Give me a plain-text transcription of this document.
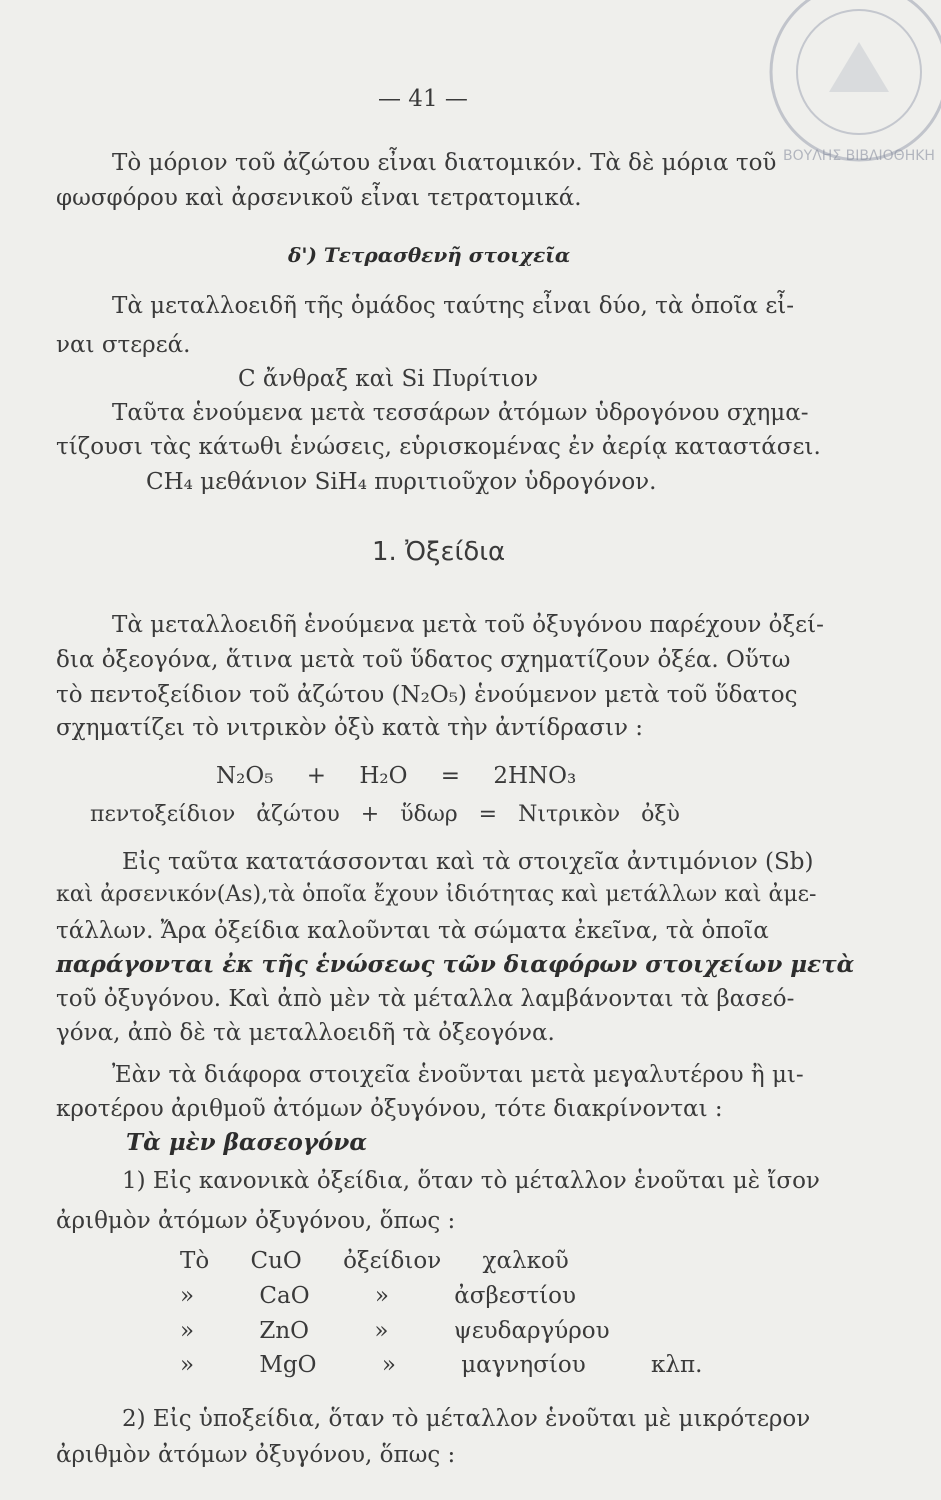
ΒΟΥΛΗΣ ΒΙΒΛΙΟΘΗΚΗ
— 41 —
Τὸ μόριον τοῦ ἀζώτου εἶναι διατομικόν. Τὰ δὲ μόρια τοῦ
φωσφόρου καὶ ἀρσενικοῦ εἶναι τετρατομικά.
δ') Τετρασθενῆ στοιχεῖα
Τὰ μεταλλοειδῆ τῆς ὁμάδος ταύτης εἶναι δύο, τὰ ὁποῖα εἶ-
ναι στερεά.
C ἄνθραξ καὶ Si Πυρίτιον
Ταῦτα ἑνούμενα μετὰ τεσσάρων ἀτόμων ὑδρογόνου σχημα-
τίζουσι τὰς κάτωθι ἑνώσεις, εὑρισκομένας ἐν ἀερίᾳ καταστάσει.
CH₄ μεθάνιον SiH₄ πυριτιοῦχον ὑδρογόνον.
1. Ὀξείδια
Τὰ μεταλλοειδῆ ἑνούμενα μετὰ τοῦ ὀξυγόνου παρέχουν ὀξεί-
δια ὀξεογόνα, ἅτινα μετὰ τοῦ ὕδατος σχηματίζουν ὀξέα. Οὕτω
τὸ πεντοξείδιον τοῦ ἀζώτου (N₂O₅) ἑνούμενον μετὰ τοῦ ὕδατος
σχηματίζει τὸ νιτρικὸν ὀξὺ κατὰ τὴν ἀντίδρασιν :
N₂O₅ + H₂O = 2HNO₃
πεντοξείδιον ἀζώτου + ὕδωρ = Νιτρικὸν ὀξὺ
Εἰς ταῦτα κατατάσσονται καὶ τὰ στοιχεῖα ἀντιμόνιον (Sb)
καὶ ἀρσενικόν(As),τὰ ὁποῖα ἔχουν ἰδιότητας καὶ μετάλλων καὶ ἀμε-
τάλλων. Ἄρα ὀξείδια καλοῦνται τὰ σώματα ἐκεῖνα, τὰ ὁποῖα
παράγονται ἐκ τῆς ἑνώσεως τῶν διαφόρων στοιχείων μετὰ
τοῦ ὀξυγόνου. Καὶ ἀπὸ μὲν τὰ μέταλλα λαμβάνονται τὰ βασεό-
γόνα, ἀπὸ δὲ τὰ μεταλλοειδῆ τὰ ὀξεογόνα.
Ἐὰν τὰ διάφορα στοιχεῖα ἑνοῦνται μετὰ μεγαλυτέρου ἢ μι-
κροτέρου ἀριθμοῦ ἀτόμων ὀξυγόνου, τότε διακρίνονται :
Τὰ μὲν βασεογόνα
1) Εἰς κανονικὰ ὀξείδια, ὅταν τὸ μέταλλον ἑνοῦται μὲ ἴσον
ἀριθμὸν ἀτόμων ὀξυγόνου, ὅπως :
Τὸ CuO ὀξείδιον χαλκοῦ
» CaO » ἀσβεστίου
» ZnO » ψευδαργύρου
» MgO » μαγνησίου κλπ.
2) Εἰς ὑποξείδια, ὅταν τὸ μέταλλον ἑνοῦται μὲ μικρότερον
ἀριθμὸν ἀτόμων ὀξυγόνου, ὅπως :
